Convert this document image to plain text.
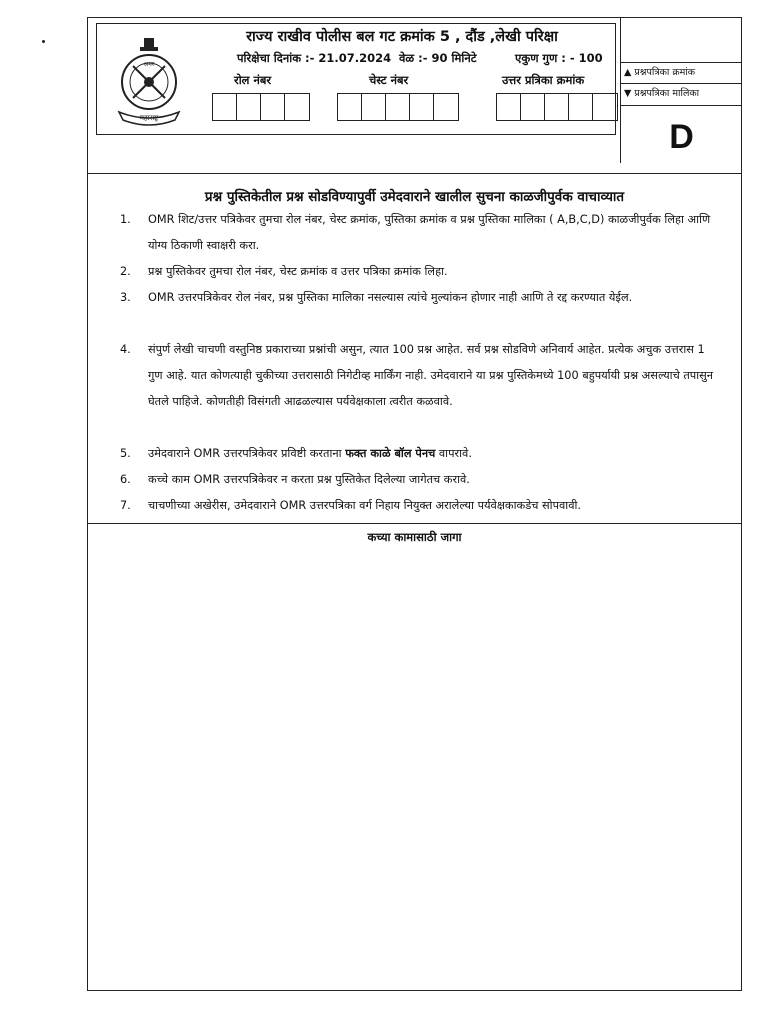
अमर
महाराष्ट्र
राज्य राखीव पोलीस बल गट क्रमांक 5 , दौंड ,लेखी परिक्षा
परिक्षेचा दिनांक :- 21.07.2024 वेळ :- 90 मिनिटे	एकुण गुण : - 100
रोल नंबर	चेस्ट नंबर	उत्तर प्रत्रिका क्रमांक
▲ प्रश्नपत्रिका क्रमांक
▼ प्रश्नपत्रिका मालिका
D
प्रश्न पुस्तिकेतील प्रश्न सोडविण्यापुर्वी उमेदवाराने खालील सुचना काळजीपुर्वक वाचाव्यात
1.	OMR शिट/उत्तर पत्रिकेवर तुमचा रोल नंबर, चेस्ट क्रमांक, पुस्तिका क्रमांक व प्रश्न पुस्तिका मालिका ( A,B,C,D) काळजीपुर्वक लिहा आणि योग्य ठिकाणी स्वाक्षरी करा.
2.	प्रश्न पुस्तिकेवर तुमचा रोल नंबर, चेस्ट क्रमांक व उत्तर पत्रिका क्रमांक लिहा.
3.	OMR उत्तरपत्रिकेवर रोल नंबर, प्रश्न पुस्तिका मालिका नसल्यास त्यांचे मुल्यांकन होणार नाही आणि ते रद्द करण्यात येईल.
4.	संपुर्ण लेखी चाचणी वस्तुनिष्ठ प्रकाराच्या प्रश्नांची असुन, त्यात 100 प्रश्न आहेत. सर्व प्रश्न सोडविणे अनिवार्य आहेत. प्रत्येक अचुक उत्तरास 1 गुण आहे. यात कोणत्याही चुकीच्या उत्तरासाठी निगेटीव्ह मार्किंग नाही. उमेदवाराने या प्रश्न पुस्तिकेमध्ये 100 बहुपर्यायी प्रश्न असल्याचे तपासुन घेतले पाहिजे. कोणतीही विसंगती आढळल्यास पर्यवेक्षकाला त्वरीत कळवावे.
5.	उमेदवाराने OMR उत्तरपत्रिकेवर प्रविष्टी करताना फक्त काळे बॉल पेनच वापरावे.
6.	कच्चे काम OMR उत्तरपत्रिकेवर न करता प्रश्न पुस्तिकेत दिलेल्या जागेतच करावे.
7.	चाचणीच्या अखेरीस, उमेदवाराने OMR उत्तरपत्रिका वर्ग निहाय नियुक्त अरालेल्या पर्यवेक्षकाकडेच सोपवावी.
कच्या कामासाठी जागा
